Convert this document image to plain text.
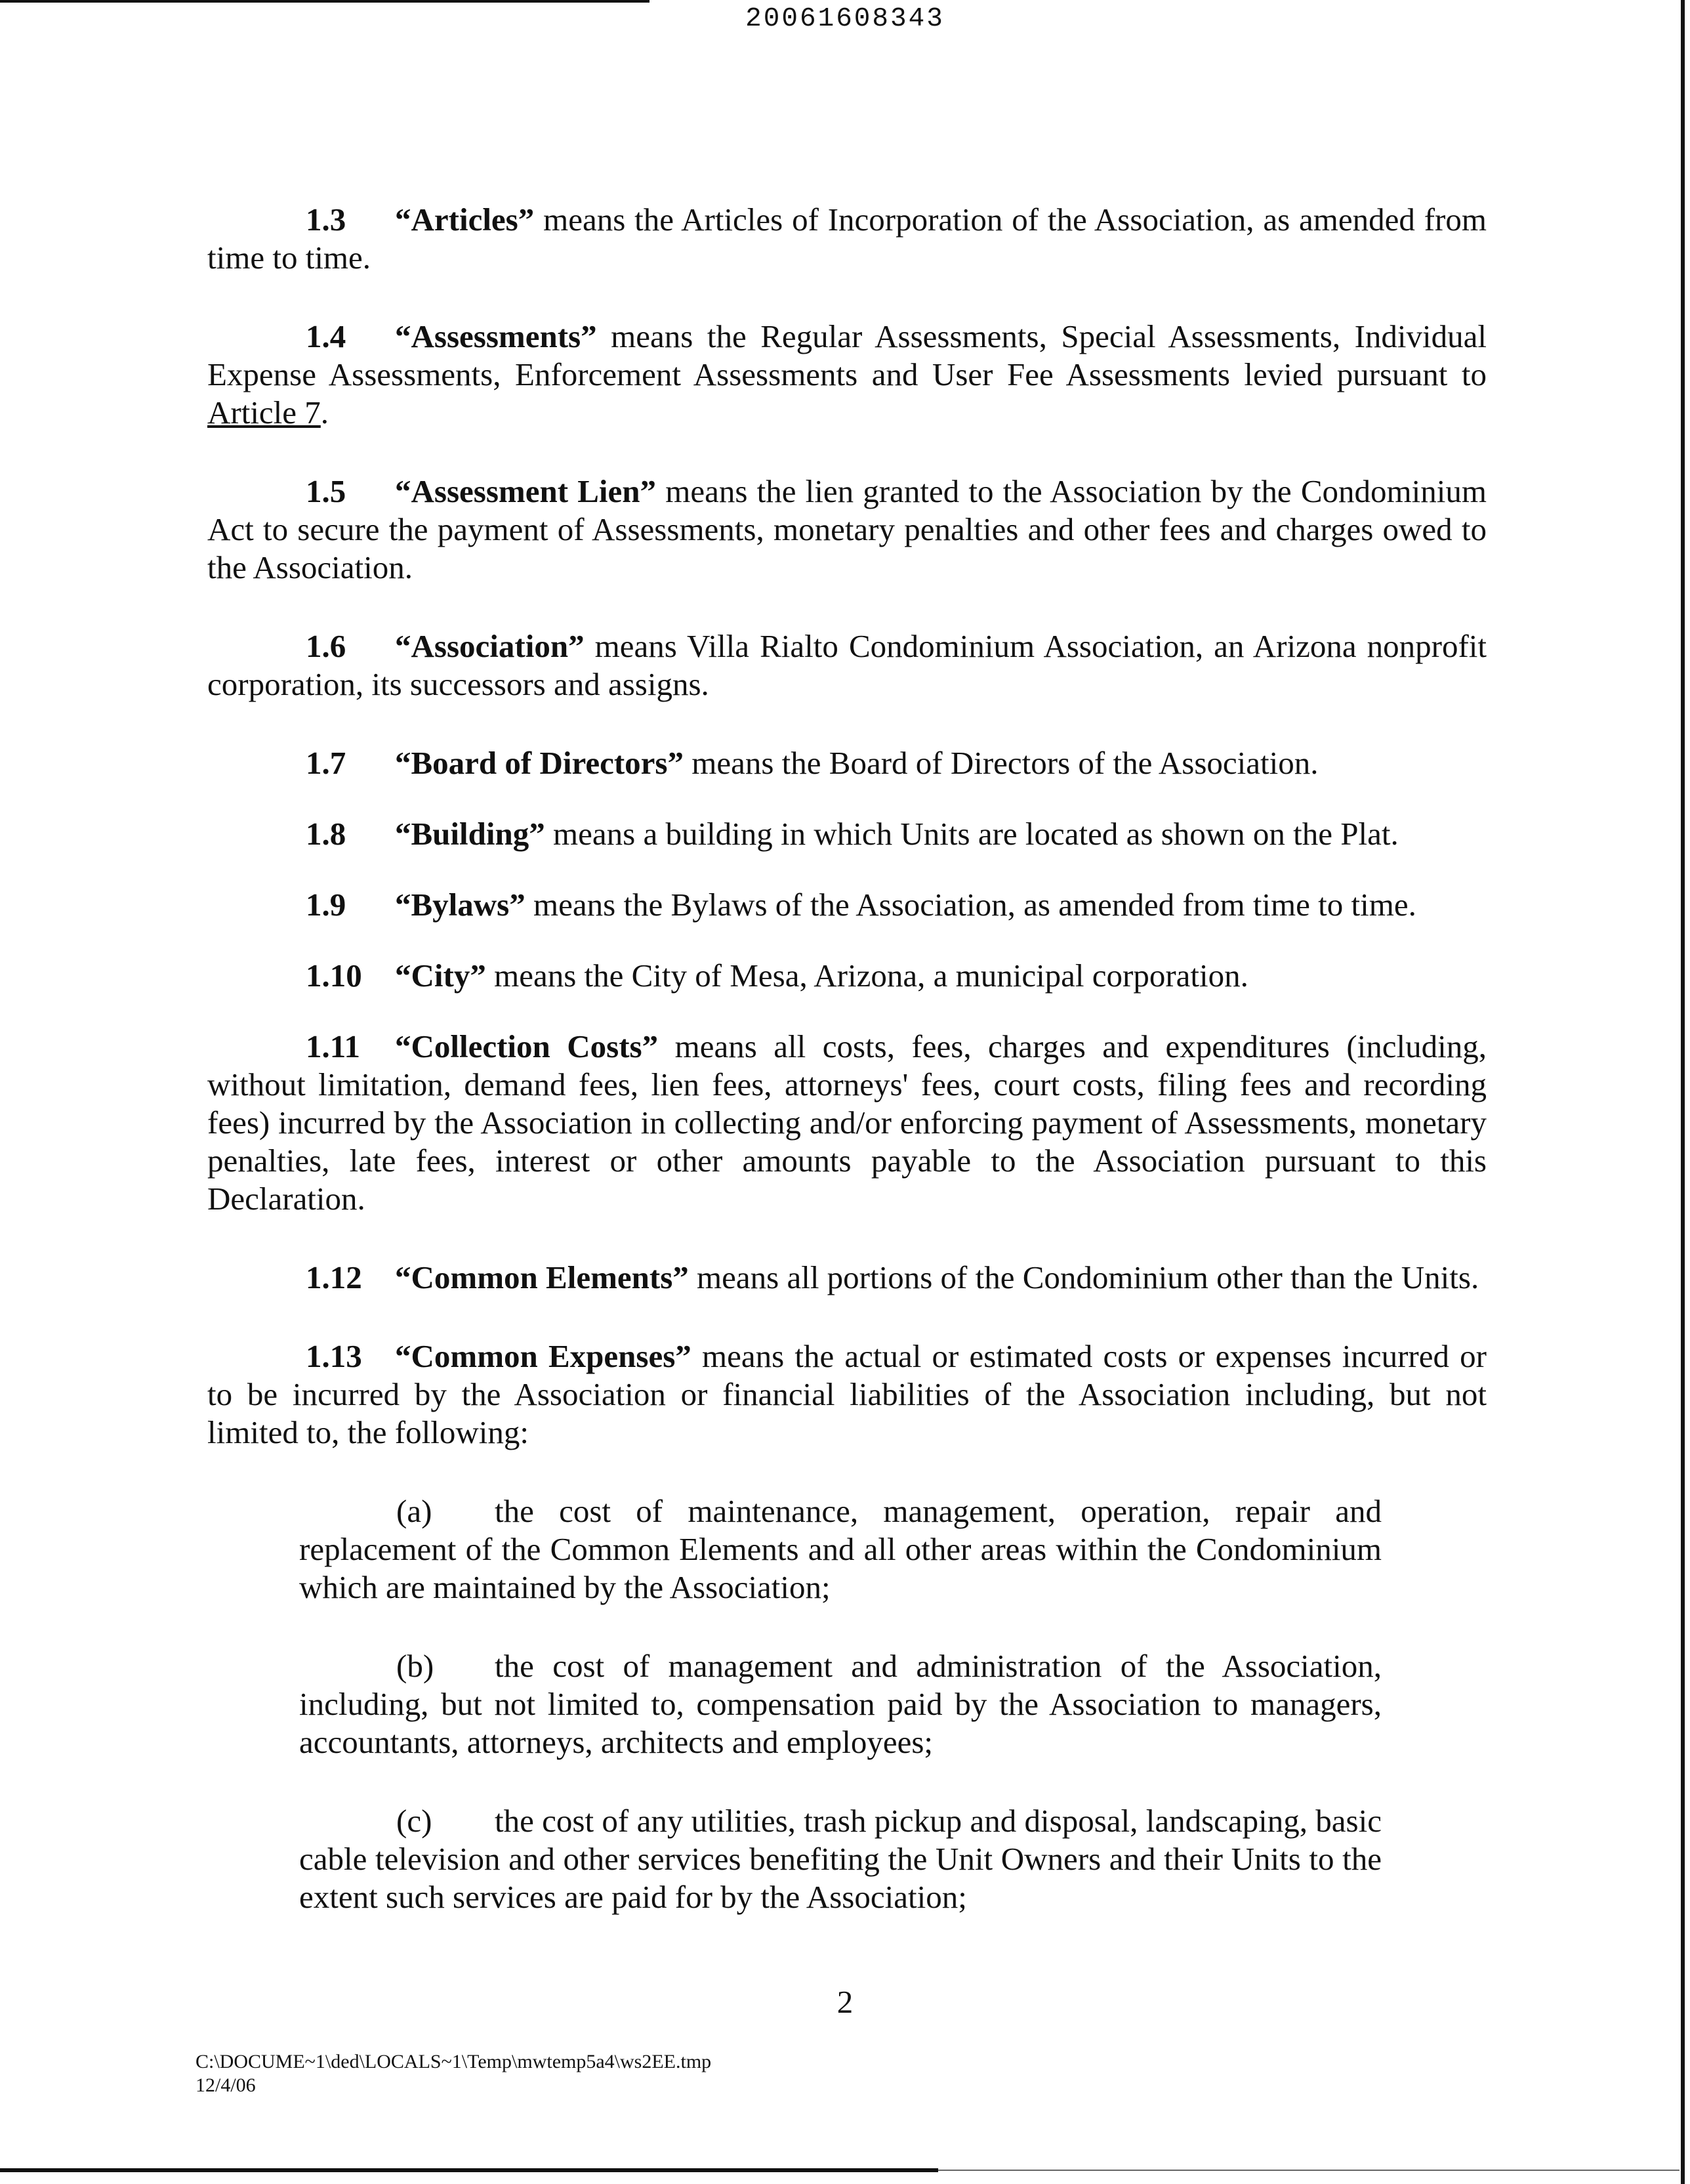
20061608343

1.3 “Articles” means the Articles of Incorporation of the Association, as amended from time to time.

1.4 “Assessments” means the Regular Assessments, Special Assessments, Individual Expense Assessments, Enforcement Assessments and User Fee Assessments levied pursuant to Article 7.

1.5 “Assessment Lien” means the lien granted to the Association by the Condominium Act to secure the payment of Assessments, monetary penalties and other fees and charges owed to the Association.

1.6 “Association” means Villa Rialto Condominium Association, an Arizona nonprofit corporation, its successors and assigns.

1.7 “Board of Directors” means the Board of Directors of the Association.

1.8 “Building” means a building in which Units are located as shown on the Plat.

1.9 “Bylaws” means the Bylaws of the Association, as amended from time to time.

1.10 “City” means the City of Mesa, Arizona, a municipal corporation.

1.11 “Collection Costs” means all costs, fees, charges and expenditures (including, without limitation, demand fees, lien fees, attorneys' fees, court costs, filing fees and recording fees) incurred by the Association in collecting and/or enforcing payment of Assessments, monetary penalties, late fees, interest or other amounts payable to the Association pursuant to this Declaration.

1.12 “Common Elements” means all portions of the Condominium other than the Units.

1.13 “Common Expenses” means the actual or estimated costs or expenses incurred or to be incurred by the Association or financial liabilities of the Association including, but not limited to, the following:

(a) the cost of maintenance, management, operation, repair and replacement of the Common Elements and all other areas within the Condominium which are maintained by the Association;

(b) the cost of management and administration of the Association, including, but not limited to, compensation paid by the Association to managers, accountants, attorneys, architects and employees;

(c) the cost of any utilities, trash pickup and disposal, landscaping, basic cable television and other services benefiting the Unit Owners and their Units to the extent such services are paid for by the Association;

2
C:\DOCUME~1\ded\LOCALS~1\Temp\mwtemp5a4\ws2EE.tmp
12/4/06
